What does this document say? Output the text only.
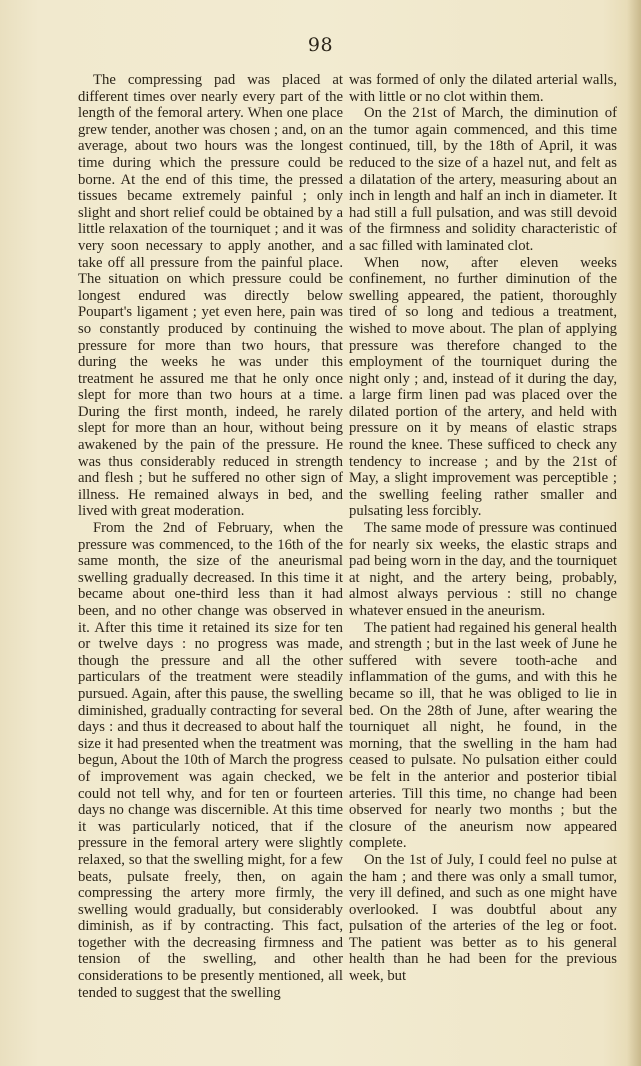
98

The compressing pad was placed at different times over nearly every part of the length of the femoral artery. When one place grew tender, another was chosen ; and, on an average, about two hours was the longest time during which the pressure could be borne. At the end of this time, the pressed tissues became extremely painful ; only slight and short relief could be obtained by a little relaxation of the tourniquet ; and it was very soon necessary to apply another, and take off all pressure from the painful place. The situation on which pressure could be longest endured was directly below Poupart's ligament ; yet even here, pain was so constantly produced by continuing the pressure for more than two hours, that during the weeks he was under this treatment he assured me that he only once slept for more than two hours at a time. During the first month, indeed, he rarely slept for more than an hour, without being awakened by the pain of the pressure. He was thus considerably reduced in strength and flesh ; but he suffered no other sign of illness. He remained always in bed, and lived with great moderation.

From the 2nd of February, when the pressure was commenced, to the 16th of the same month, the size of the aneurismal swelling gradually decreased. In this time it became about one-third less than it had been, and no other change was observed in it. After this time it retained its size for ten or twelve days : no progress was made, though the pressure and all the other particulars of the treatment were steadily pursued. Again, after this pause, the swelling diminished, gradually contracting for several days : and thus it decreased to about half the size it had presented when the treatment was begun, About the 10th of March the progress of improvement was again checked, we could not tell why, and for ten or fourteen days no change was discernible. At this time it was particularly noticed, that if the pressure in the femoral artery were slightly relaxed, so that the swelling might, for a few beats, pulsate freely, then, on again compressing the artery more firmly, the swelling would gradually, but considerably diminish, as if by contracting. This fact, together with the decreasing firmness and tension of the swelling, and other considerations to be presently mentioned, all tended to suggest that the swelling

was formed of only the dilated arterial walls, with little or no clot within them.

On the 21st of March, the diminution of the tumor again commenced, and this time continued, till, by the 18th of April, it was reduced to the size of a hazel nut, and felt as a dilatation of the artery, measuring about an inch in length and half an inch in diameter. It had still a full pulsation, and was still devoid of the firmness and solidity characteristic of a sac filled with laminated clot.

When now, after eleven weeks confinement, no further diminution of the swelling appeared, the patient, thoroughly tired of so long and tedious a treatment, wished to move about. The plan of applying pressure was therefore changed to the employment of the tourniquet during the night only ; and, instead of it during the day, a large firm linen pad was placed over the dilated portion of the artery, and held with pressure on it by means of elastic straps round the knee. These sufficed to check any tendency to increase ; and by the 21st of May, a slight improvement was perceptible ; the swelling feeling rather smaller and pulsating less forcibly.

The same mode of pressure was continued for nearly six weeks, the elastic straps and pad being worn in the day, and the tourniquet at night, and the artery being, probably, almost always pervious : still no change whatever ensued in the aneurism.

The patient had regained his general health and strength ; but in the last week of June he suffered with severe tooth-ache and inflammation of the gums, and with this he became so ill, that he was obliged to lie in bed. On the 28th of June, after wearing the tourniquet all night, he found, in the morning, that the swelling in the ham had ceased to pulsate. No pulsation either could be felt in the anterior and posterior tibial arteries. Till this time, no change had been observed for nearly two months ; but the closure of the aneurism now appeared complete.

On the 1st of July, I could feel no pulse at the ham ; and there was only a small tumor, very ill defined, and such as one might have overlooked. I was doubtful about any pulsation of the arteries of the leg or foot. The patient was better as to his general health than he had been for the previous week, but
